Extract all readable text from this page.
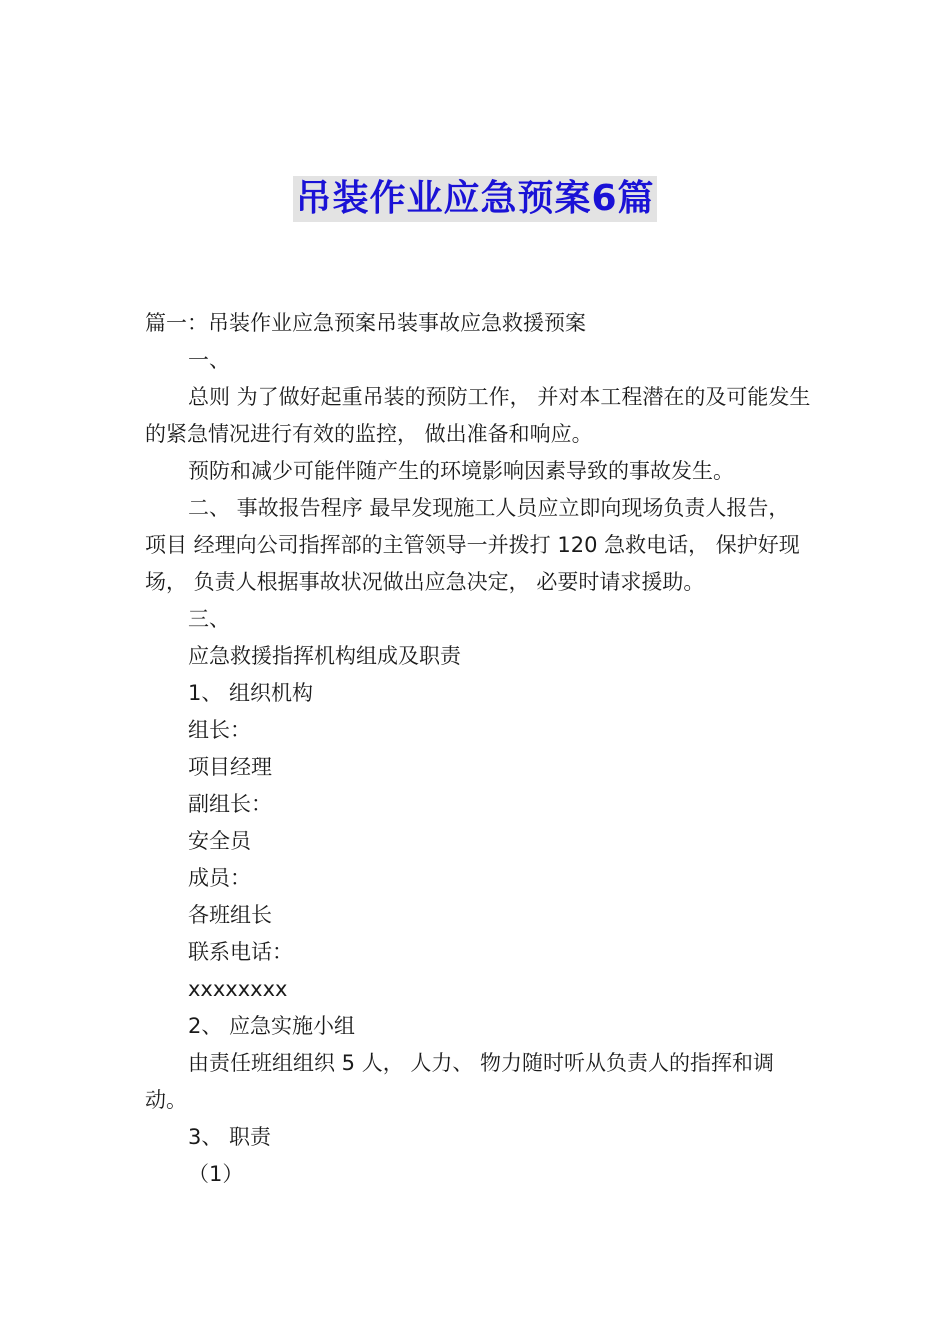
吊装作业应急预案6篇

篇一：吊装作业应急预案吊装事故应急救援预案

一、

总则 为了做好起重吊装的预防工作， 并对本工程潜在的及可能发生的紧急情况进行有效的监控， 做出准备和响应。

预防和减少可能伴随产生的环境影响因素导致的事故发生。

二、 事故报告程序 最早发现施工人员应立即向现场负责人报告， 项目 经理向公司指挥部的主管领导一并拨打 120 急救电话， 保护好现场， 负责人根据事故状况做出应急决定， 必要时请求援助。

三、

应急救援指挥机构组成及职责

1、 组织机构

组长：

项目经理

副组长：

安全员

成员：

各班组长

联系电话：

xxxxxxxx

2、 应急实施小组

由责任班组组织 5 人， 人力、 物力随时听从负责人的指挥和调动。

3、 职责

（1）
